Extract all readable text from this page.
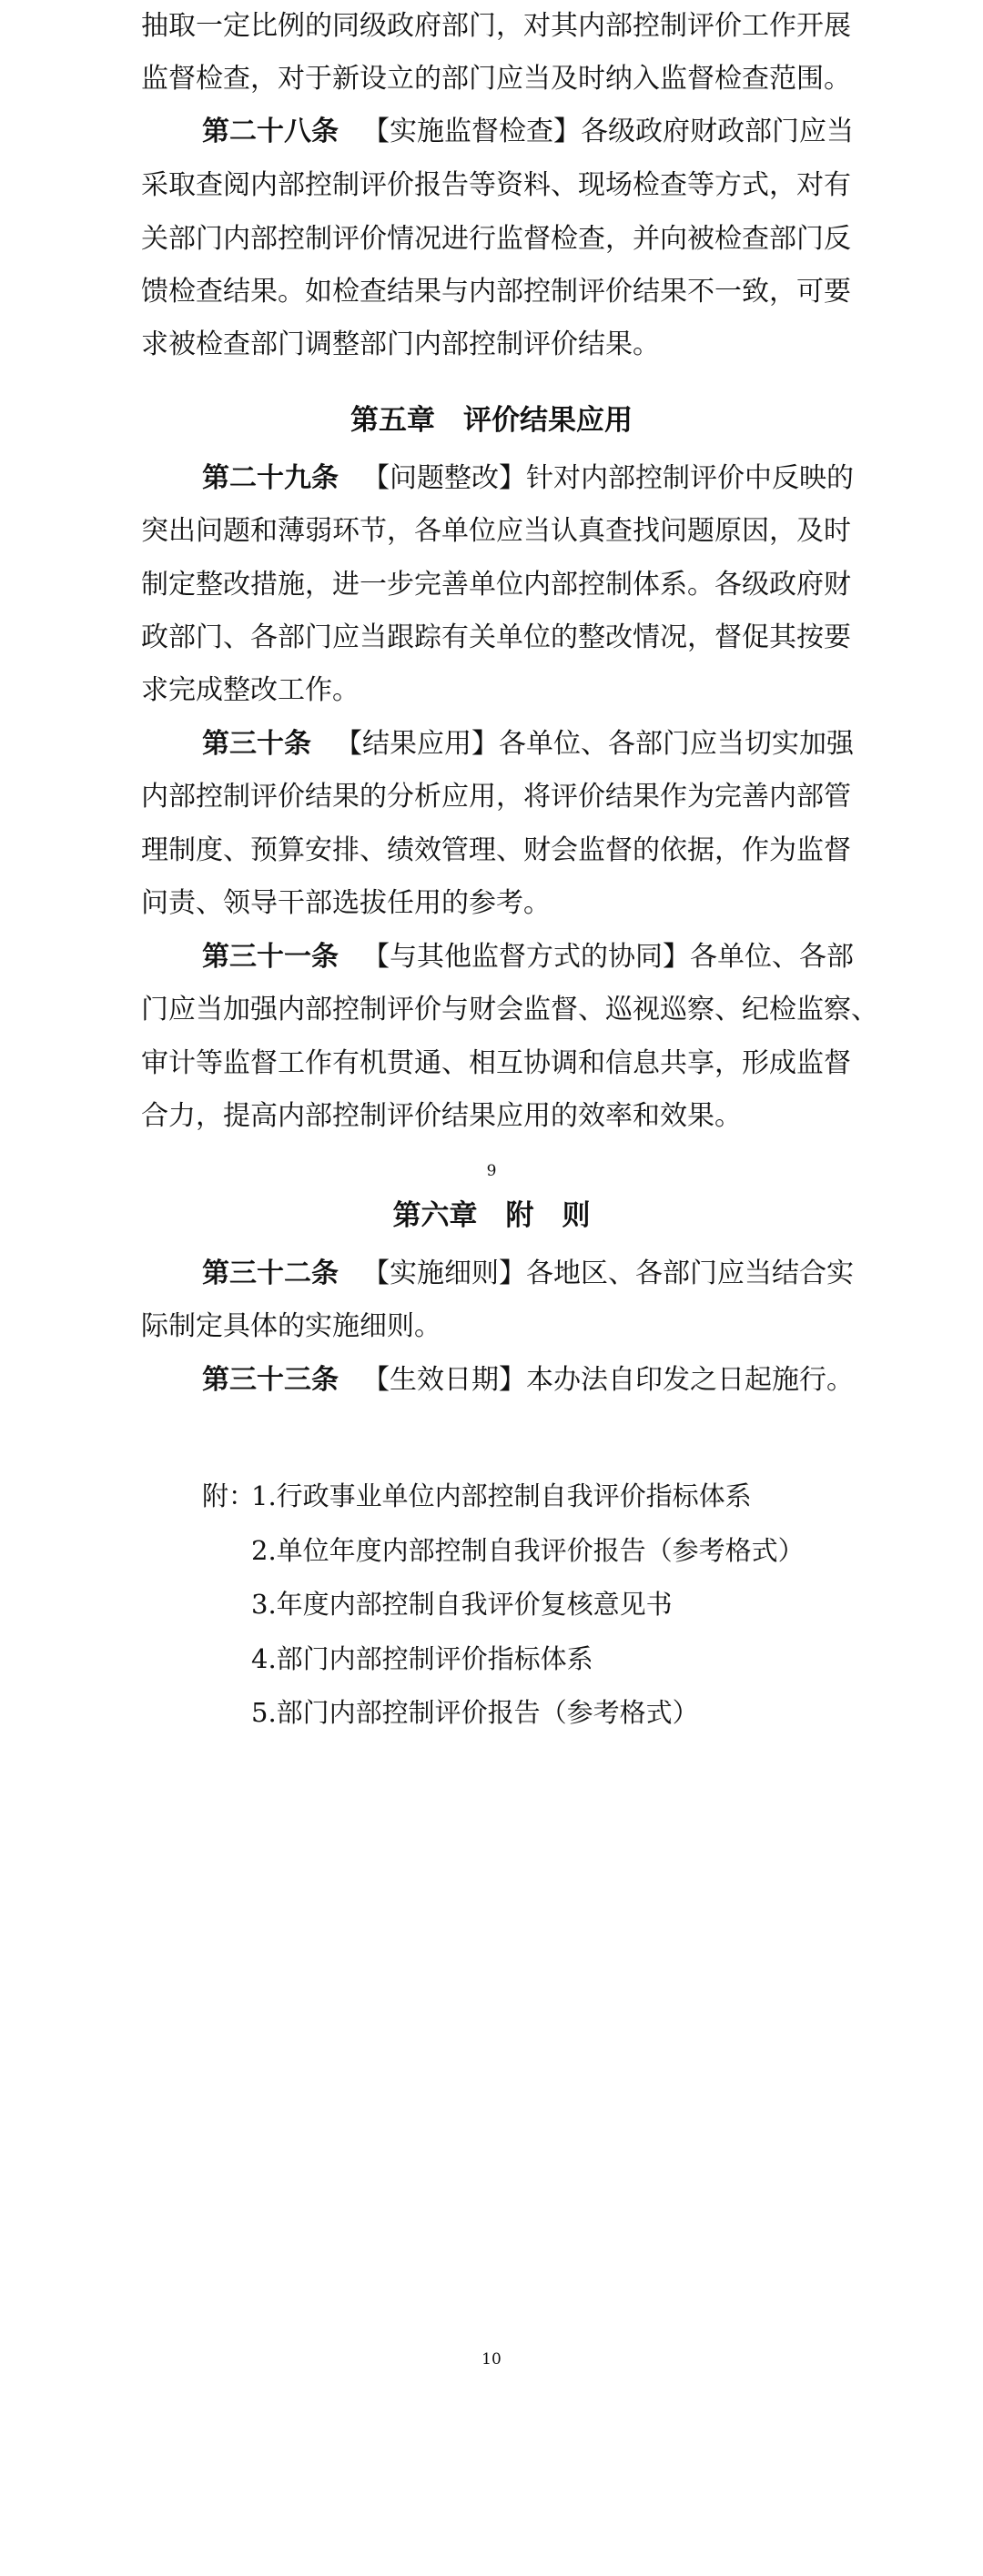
抽取一定比例的同级政府部门，对其内部控制评价工作开展
监督检查，对于新设立的部门应当及时纳入监督检查范围。
第二十八条 【实施监督检查】各级政府财政部门应当
采取查阅内部控制评价报告等资料、现场检查等方式，对有
关部门内部控制评价情况进行监督检查，并向被检查部门反
馈检查结果。如检查结果与内部控制评价结果不一致，可要
求被检查部门调整部门内部控制评价结果。
第五章　评价结果应用
第二十九条 【问题整改】针对内部控制评价中反映的
突出问题和薄弱环节，各单位应当认真查找问题原因，及时
制定整改措施，进一步完善单位内部控制体系。各级政府财
政部门、各部门应当跟踪有关单位的整改情况，督促其按要
求完成整改工作。
第三十条 【结果应用】各单位、各部门应当切实加强
内部控制评价结果的分析应用，将评价结果作为完善内部管
理制度、预算安排、绩效管理、财会监督的依据，作为监督
问责、领导干部选拔任用的参考。
第三十一条 【与其他监督方式的协同】各单位、各部
门应当加强内部控制评价与财会监督、巡视巡察、纪检监察、
审计等监督工作有机贯通、相互协调和信息共享，形成监督
合力，提高内部控制评价结果应用的效率和效果。
9
第六章　附　则
第三十二条 【实施细则】各地区、各部门应当结合实
际制定具体的实施细则。
第三十三条 【生效日期】本办法自印发之日起施行。
附：
1.行政事业单位内部控制自我评价指标体系
2.单位年度内部控制自我评价报告（参考格式）
3.年度内部控制自我评价复核意见书
4.部门内部控制评价指标体系
5.部门内部控制评价报告（参考格式）
10
